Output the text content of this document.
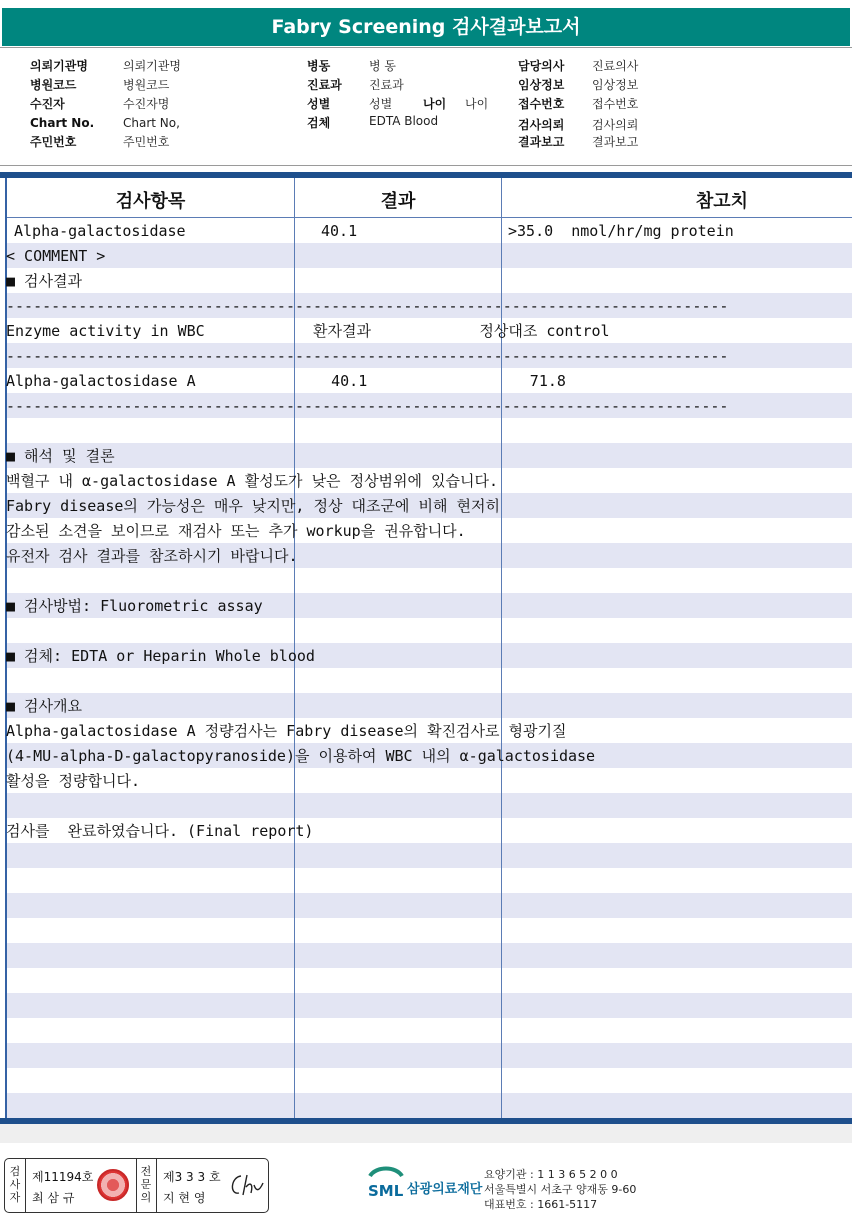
Fabry Screening 검사결과보고서
의뢰기관명	의뢰기관명
병원코드	병원코드
수진자	수진자명
Chart No. Chart No,
주민번호	주민번호
병동	병 동
진료과 진료과
성별	성별
검체	EDTA Blood
나이 나이
담당의사 진료의사
임상정보 임상정보
접수번호 접수번호
검사의뢰 검사의뢰
결과보고 결과보고
검사항목	결과	참고치
Alpha-galactosidase	40.1	>35.0  nmol/hr/mg protein
< COMMENT >
■ 검사결과
--------------------------------------------------------------------------------
Enzyme activity in WBC            환자결과            정상대조 control
--------------------------------------------------------------------------------
Alpha-galactosidase A               40.1                  71.8
--------------------------------------------------------------------------------
■ 해석 및 결론
백혈구 내 α-galactosidase A 활성도가 낮은 정상범위에 있습니다.
Fabry disease의 가능성은 매우 낮지만, 정상 대조군에 비해 현저히
감소된 소견을 보이므로 재검사 또는 추가 workup을 권유합니다.
유전자 검사 결과를 참조하시기 바랍니다.
■ 검사방법: Fluorometric assay
■ 검체: EDTA or Heparin Whole blood
■ 검사개요
Alpha-galactosidase A 정량검사는 Fabry disease의 확진검사로 형광기질
(4-MU-alpha-D-galactopyranoside)을 이용하여 WBC 내의 α-galactosidase
활성을 정량합니다.
검사를  완료하였습니다. (Final report)
검사자
제11194호
최 삼 규
전문의
제3 3 3 호
지 현 영	SML 삼광의료재단
요양기관 : 1 1 3 6 5 2 0 0
서울특별시 서초구 양재동 9-60
대표번호 : 1661-5117
